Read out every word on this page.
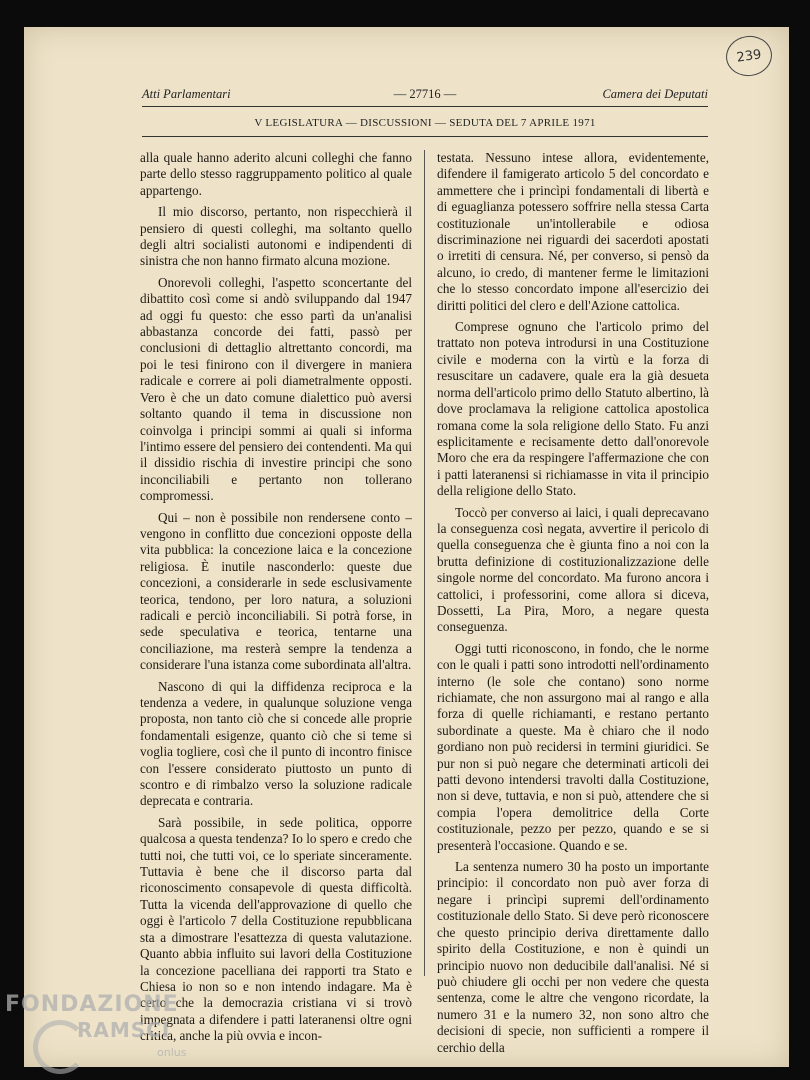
239
Atti Parlamentari	— 27716 —	Camera dei Deputati
V LEGISLATURA — DISCUSSIONI — SEDUTA DEL 7 APRILE 1971

alla quale hanno aderito alcuni colleghi che fanno parte dello stesso raggruppamento politico al quale appartengo.

Il mio discorso, pertanto, non rispecchierà il pensiero di questi colleghi, ma soltanto quello degli altri socialisti autonomi e indipendenti di sinistra che non hanno firmato alcuna mozione.

Onorevoli colleghi, l'aspetto sconcertante del dibattito così come si andò sviluppando dal 1947 ad oggi fu questo: che esso partì da un'analisi abbastanza concorde dei fatti, passò per conclusioni di dettaglio altrettanto concordi, ma poi le tesi finirono con il divergere in maniera radicale e correre ai poli diametralmente opposti. Vero è che un dato comune dialettico può aversi soltanto quando il tema in discussione non coinvolga i principi sommi ai quali si informa l'intimo essere del pensiero dei contendenti. Ma qui il dissidio rischia di investire principi che sono inconciliabili e pertanto non tollerano compromessi.

Qui – non è possibile non rendersene conto – vengono in conflitto due concezioni opposte della vita pubblica: la concezione laica e la concezione religiosa. È inutile nasconderlo: queste due concezioni, a considerarle in sede esclusivamente teorica, tendono, per loro natura, a soluzioni radicali e perciò inconciliabili. Si potrà forse, in sede speculativa e teorica, tentarne una conciliazione, ma resterà sempre la tendenza a considerare l'una istanza come subordinata all'altra.

Nascono di qui la diffidenza reciproca e la tendenza a vedere, in qualunque soluzione venga proposta, non tanto ciò che si concede alle proprie fondamentali esigenze, quanto ciò che si teme si voglia togliere, così che il punto di incontro finisce con l'essere considerato piuttosto un punto di scontro e di rimbalzo verso la soluzione radicale deprecata e contraria.

Sarà possibile, in sede politica, opporre qualcosa a questa tendenza? Io lo spero e credo che tutti noi, che tutti voi, ce lo speriate sinceramente. Tuttavia è bene che il discorso parta dal riconoscimento consapevole di questa difficoltà. Tutta la vicenda dell'approvazione di quello che oggi è l'articolo 7 della Costituzione repubblicana sta a dimostrare l'esattezza di questa valutazione. Quanto abbia influito sui lavori della Costituzione la concezione pacelliana dei rapporti tra Stato e Chiesa io non so e non intendo indagare. Ma è certo che la democrazia cristiana vi si trovò impegnata a difendere i patti lateranensi oltre ogni critica, anche la più ovvia e incon-

testata. Nessuno intese allora, evidentemente, difendere il famigerato articolo 5 del concordato e ammettere che i princìpi fondamentali di libertà e di eguaglianza potessero soffrire nella stessa Carta costituzionale un'intollerabile e odiosa discriminazione nei riguardi dei sacerdoti apostati o irretiti di censura. Né, per converso, si pensò da alcuno, io credo, di mantener ferme le limitazioni che lo stesso concordato impone all'esercizio dei diritti politici del clero e dell'Azione cattolica.

Comprese ognuno che l'articolo primo del trattato non poteva introdursi in una Costituzione civile e moderna con la virtù e la forza di resuscitare un cadavere, quale era la già desueta norma dell'articolo primo dello Statuto albertino, là dove proclamava la religione cattolica apostolica romana come la sola religione dello Stato. Fu anzi esplicitamente e recisamente detto dall'onorevole Moro che era da respingere l'affermazione che con i patti lateranensi si richiamasse in vita il principio della religione dello Stato.

Toccò per converso ai laici, i quali deprecavano la conseguenza così negata, avvertire il pericolo di quella conseguenza che è giunta fino a noi con la brutta definizione di costituzionalizzazione delle singole norme del concordato. Ma furono ancora i cattolici, i professorini, come allora si diceva, Dossetti, La Pira, Moro, a negare questa conseguenza.

Oggi tutti riconoscono, in fondo, che le norme con le quali i patti sono introdotti nell'ordinamento interno (le sole che contano) sono norme richiamate, che non assurgono mai al rango e alla forza di quelle richiamanti, e restano pertanto subordinate a queste. Ma è chiaro che il nodo gordiano non può recidersi in termini giuridici. Se pur non si può negare che determinati articoli dei patti devono intendersi travolti dalla Costituzione, non si deve, tuttavia, e non si può, attendere che si compia l'opera demolitrice della Corte costituzionale, pezzo per pezzo, quando e se si presenterà l'occasione. Quando e se.

La sentenza numero 30 ha posto un importante principio: il concordato non può aver forza di negare i princìpi supremi dell'ordinamento costituzionale dello Stato. Si deve però riconoscere che questo principio deriva direttamente dallo spirito della Costituzione, e non è quindi un principio nuovo non deducibile dall'analisi. Né si può chiudere gli occhi per non vedere che questa sentenza, come le altre che vengono ricordate, la numero 31 e la numero 32, non sono altro che decisioni di specie, non sufficienti a rompere il cerchio della

FONDAZIONE
RAMSCI
onlus
